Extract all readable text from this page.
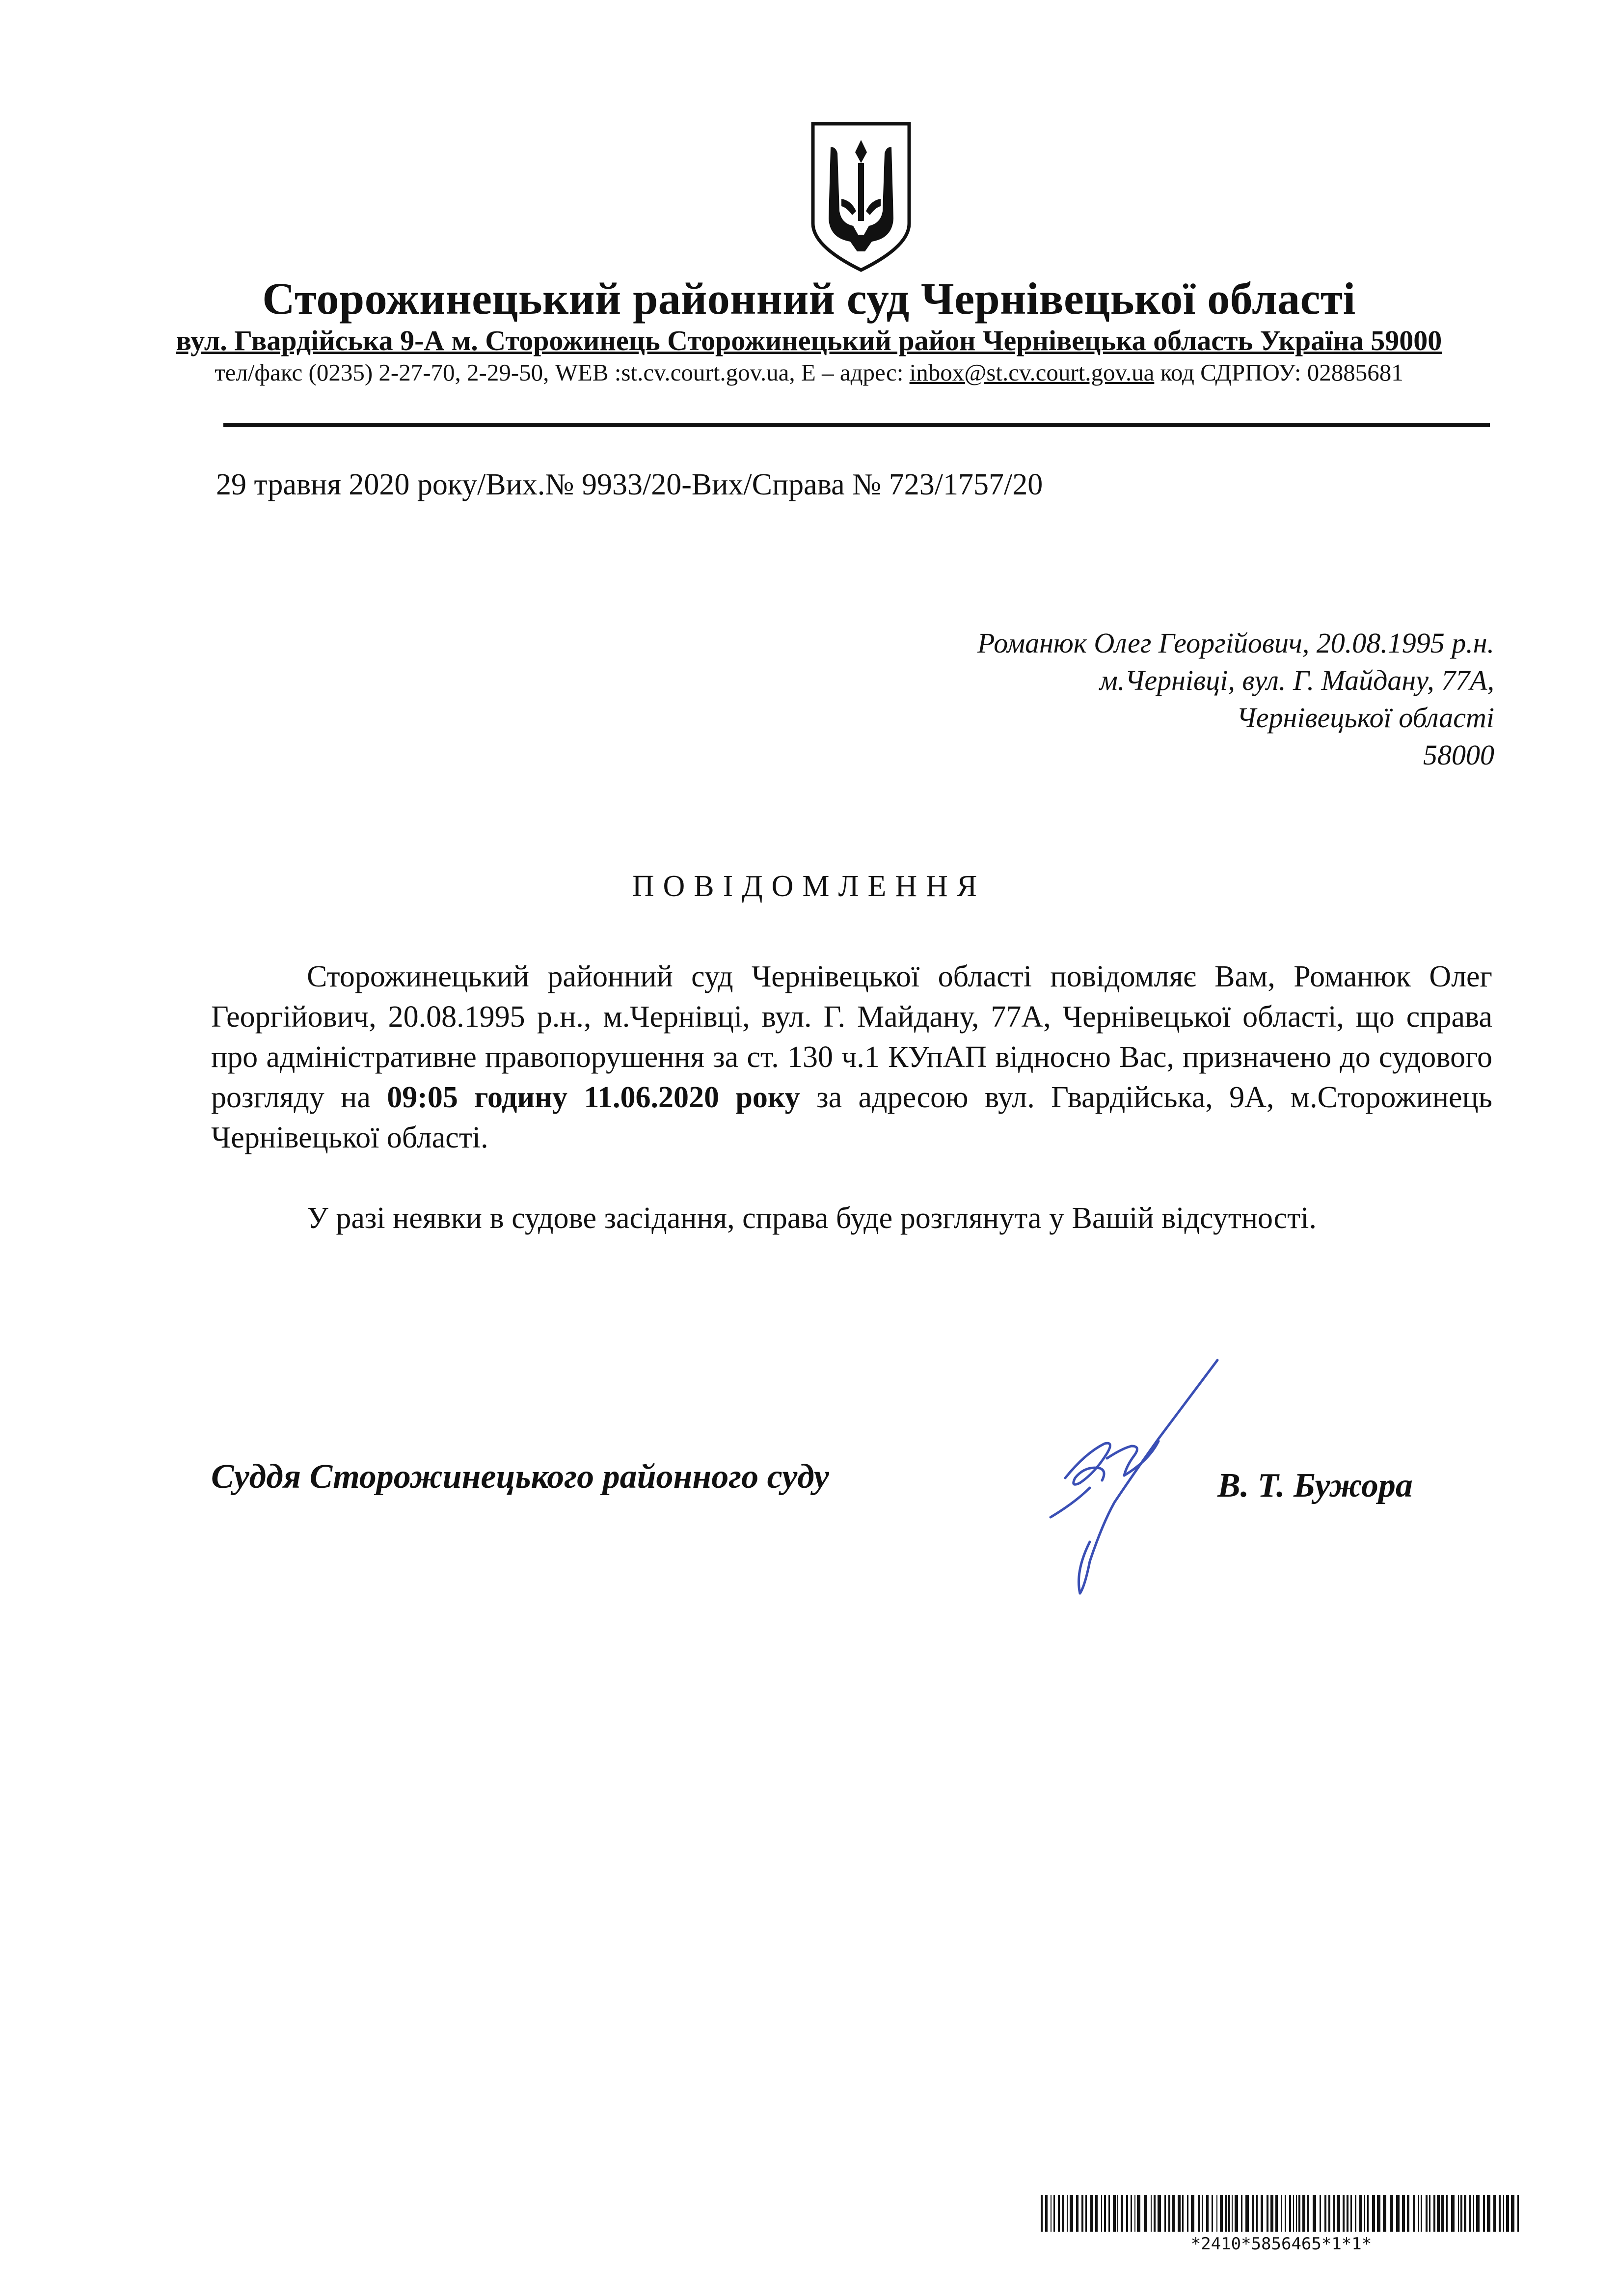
Сторожинецький районний суд Чернівецької області
вул. Гвардійська 9-А м. Сторожинець Сторожинецький район Чернівецька область Україна 59000
тел/факс (0235) 2-27-70, 2-29-50, WEB :st.cv.court.gov.ua, E – адрес: inbox@st.cv.court.gov.ua код СДРПОУ: 02885681
29 травня 2020 року/Вих.№ 9933/20-Вих/Справа № 723/1757/20
Романюк Олег Георгійович, 20.08.1995 р.н.
м.Чернівці, вул. Г. Майдану, 77А,
Чернівецької області
58000
ПОВІДОМЛЕННЯ

Сторожинецький районний суд Чернівецької області повідомляє Вам, Романюк Олег Георгійович, 20.08.1995 р.н., м.Чернівці, вул. Г. Майдану, 77А, Чернівецької області, що справа про адміністративне правопорушення за ст. 130 ч.1 КУпАП відносно Вас, призначено до судового розгляду на 09:05 годину 11.06.2020 року за адресою вул. Гвардійська, 9А, м.Сторожинець Чернівецької області.

У разі неявки в судове засідання, справа буде розглянута у Вашій відсутності.

Суддя Сторожинецького районного суду	В. Т. Бужора
*2410*5856465*1*1*
